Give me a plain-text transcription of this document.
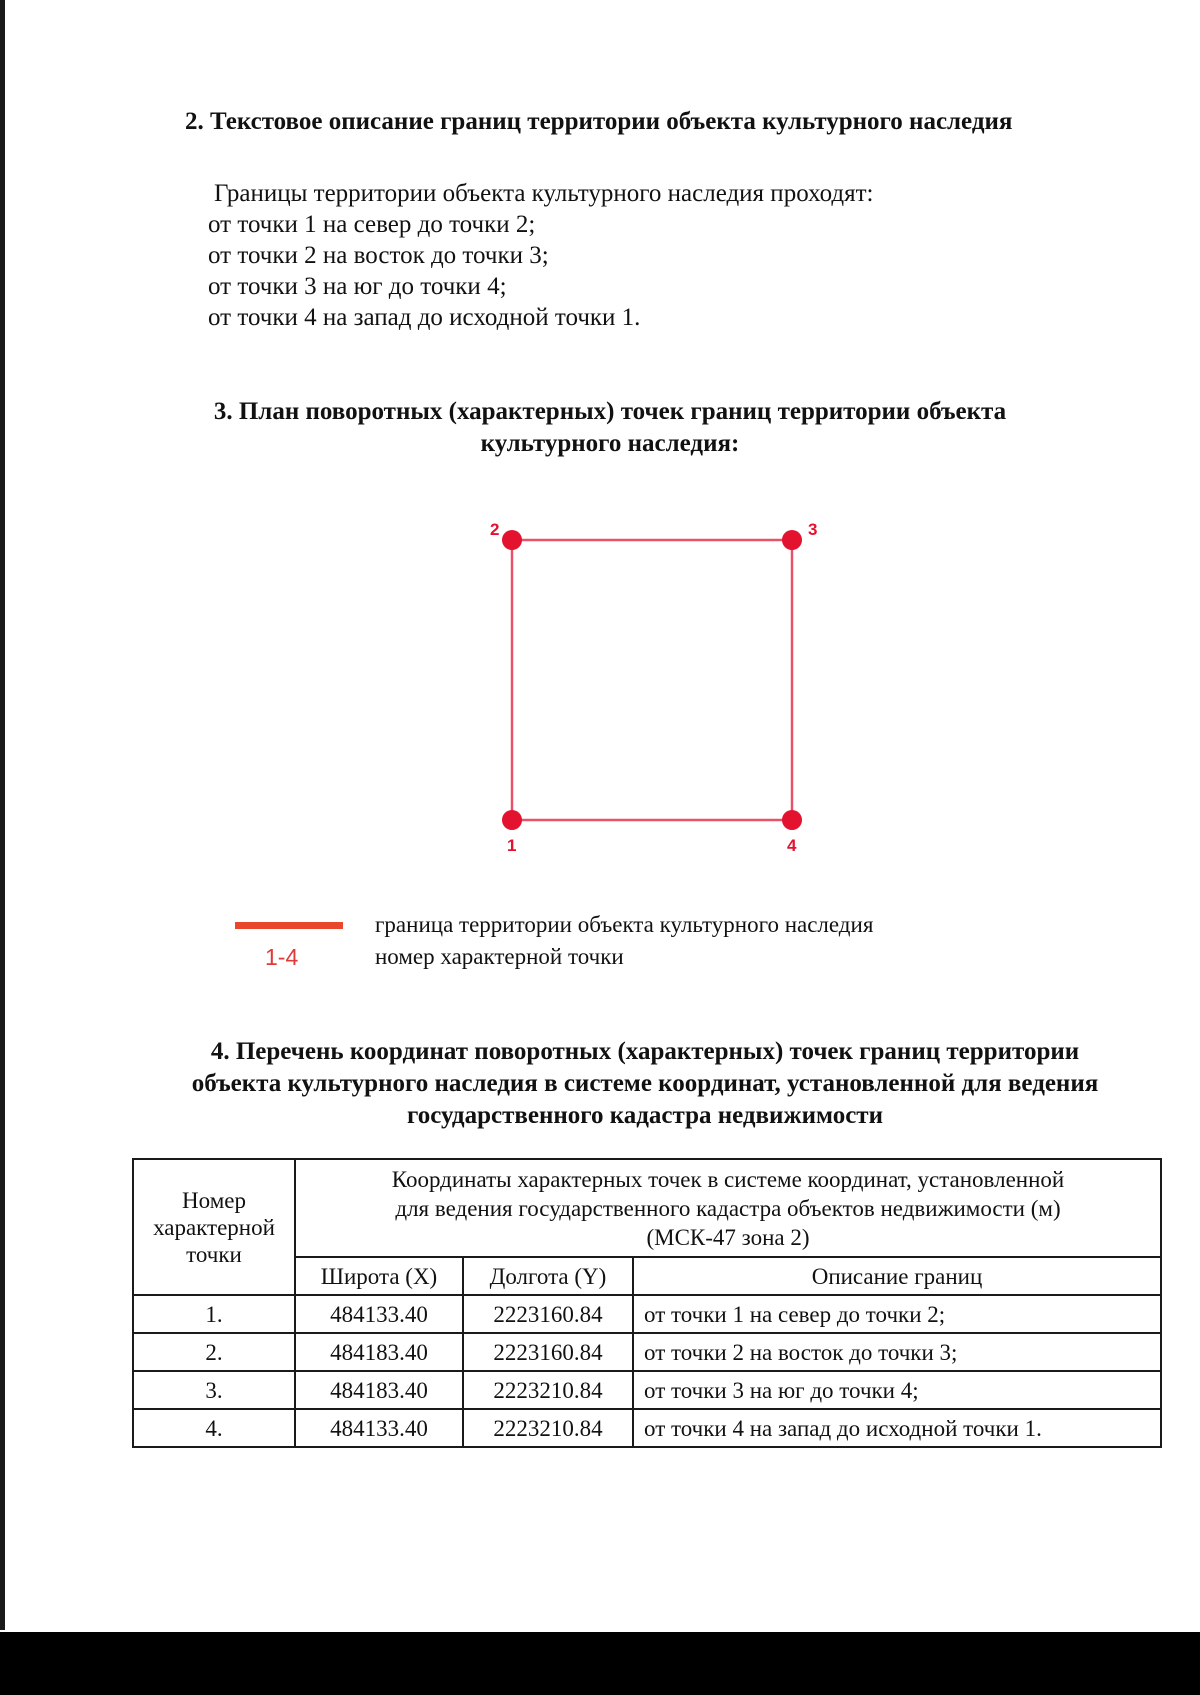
2. Текстовое описание границ территории объекта культурного наследия
Границы территории объекта культурного наследия проходят:
от точки 1 на север до точки 2;
от точки 2 на восток до точки 3;
от точки 3 на юг до точки 4;
от точки 4 на запад до исходной точки 1.
3. План поворотных (характерных) точек границ территории объекта
культурного наследия:
1
2	3
4
1-4
граница территории объекта культурного наследия
номер характерной точки
4. Перечень координат поворотных (характерных) точек границ территории
объекта культурного наследия в системе координат, установленной для ведения
государственного кадастра недвижимости
Номер
характерной
точки	Координаты характерных точек в системе координат, установленной
для ведения государственного кадастра объектов недвижимости (м)
(МСК-47 зона 2)		
	Широта (X)	Долгота (Y)	Описание границ
1.	484133.40	2223160.84	от точки 1 на север до точки 2;
2.	484183.40	2223160.84	от точки 2 на восток до точки 3;
3.	484183.40	2223210.84	от точки 3 на юг до точки 4;
4.	484133.40	2223210.84	от точки 4 на запад до исходной точки 1.
